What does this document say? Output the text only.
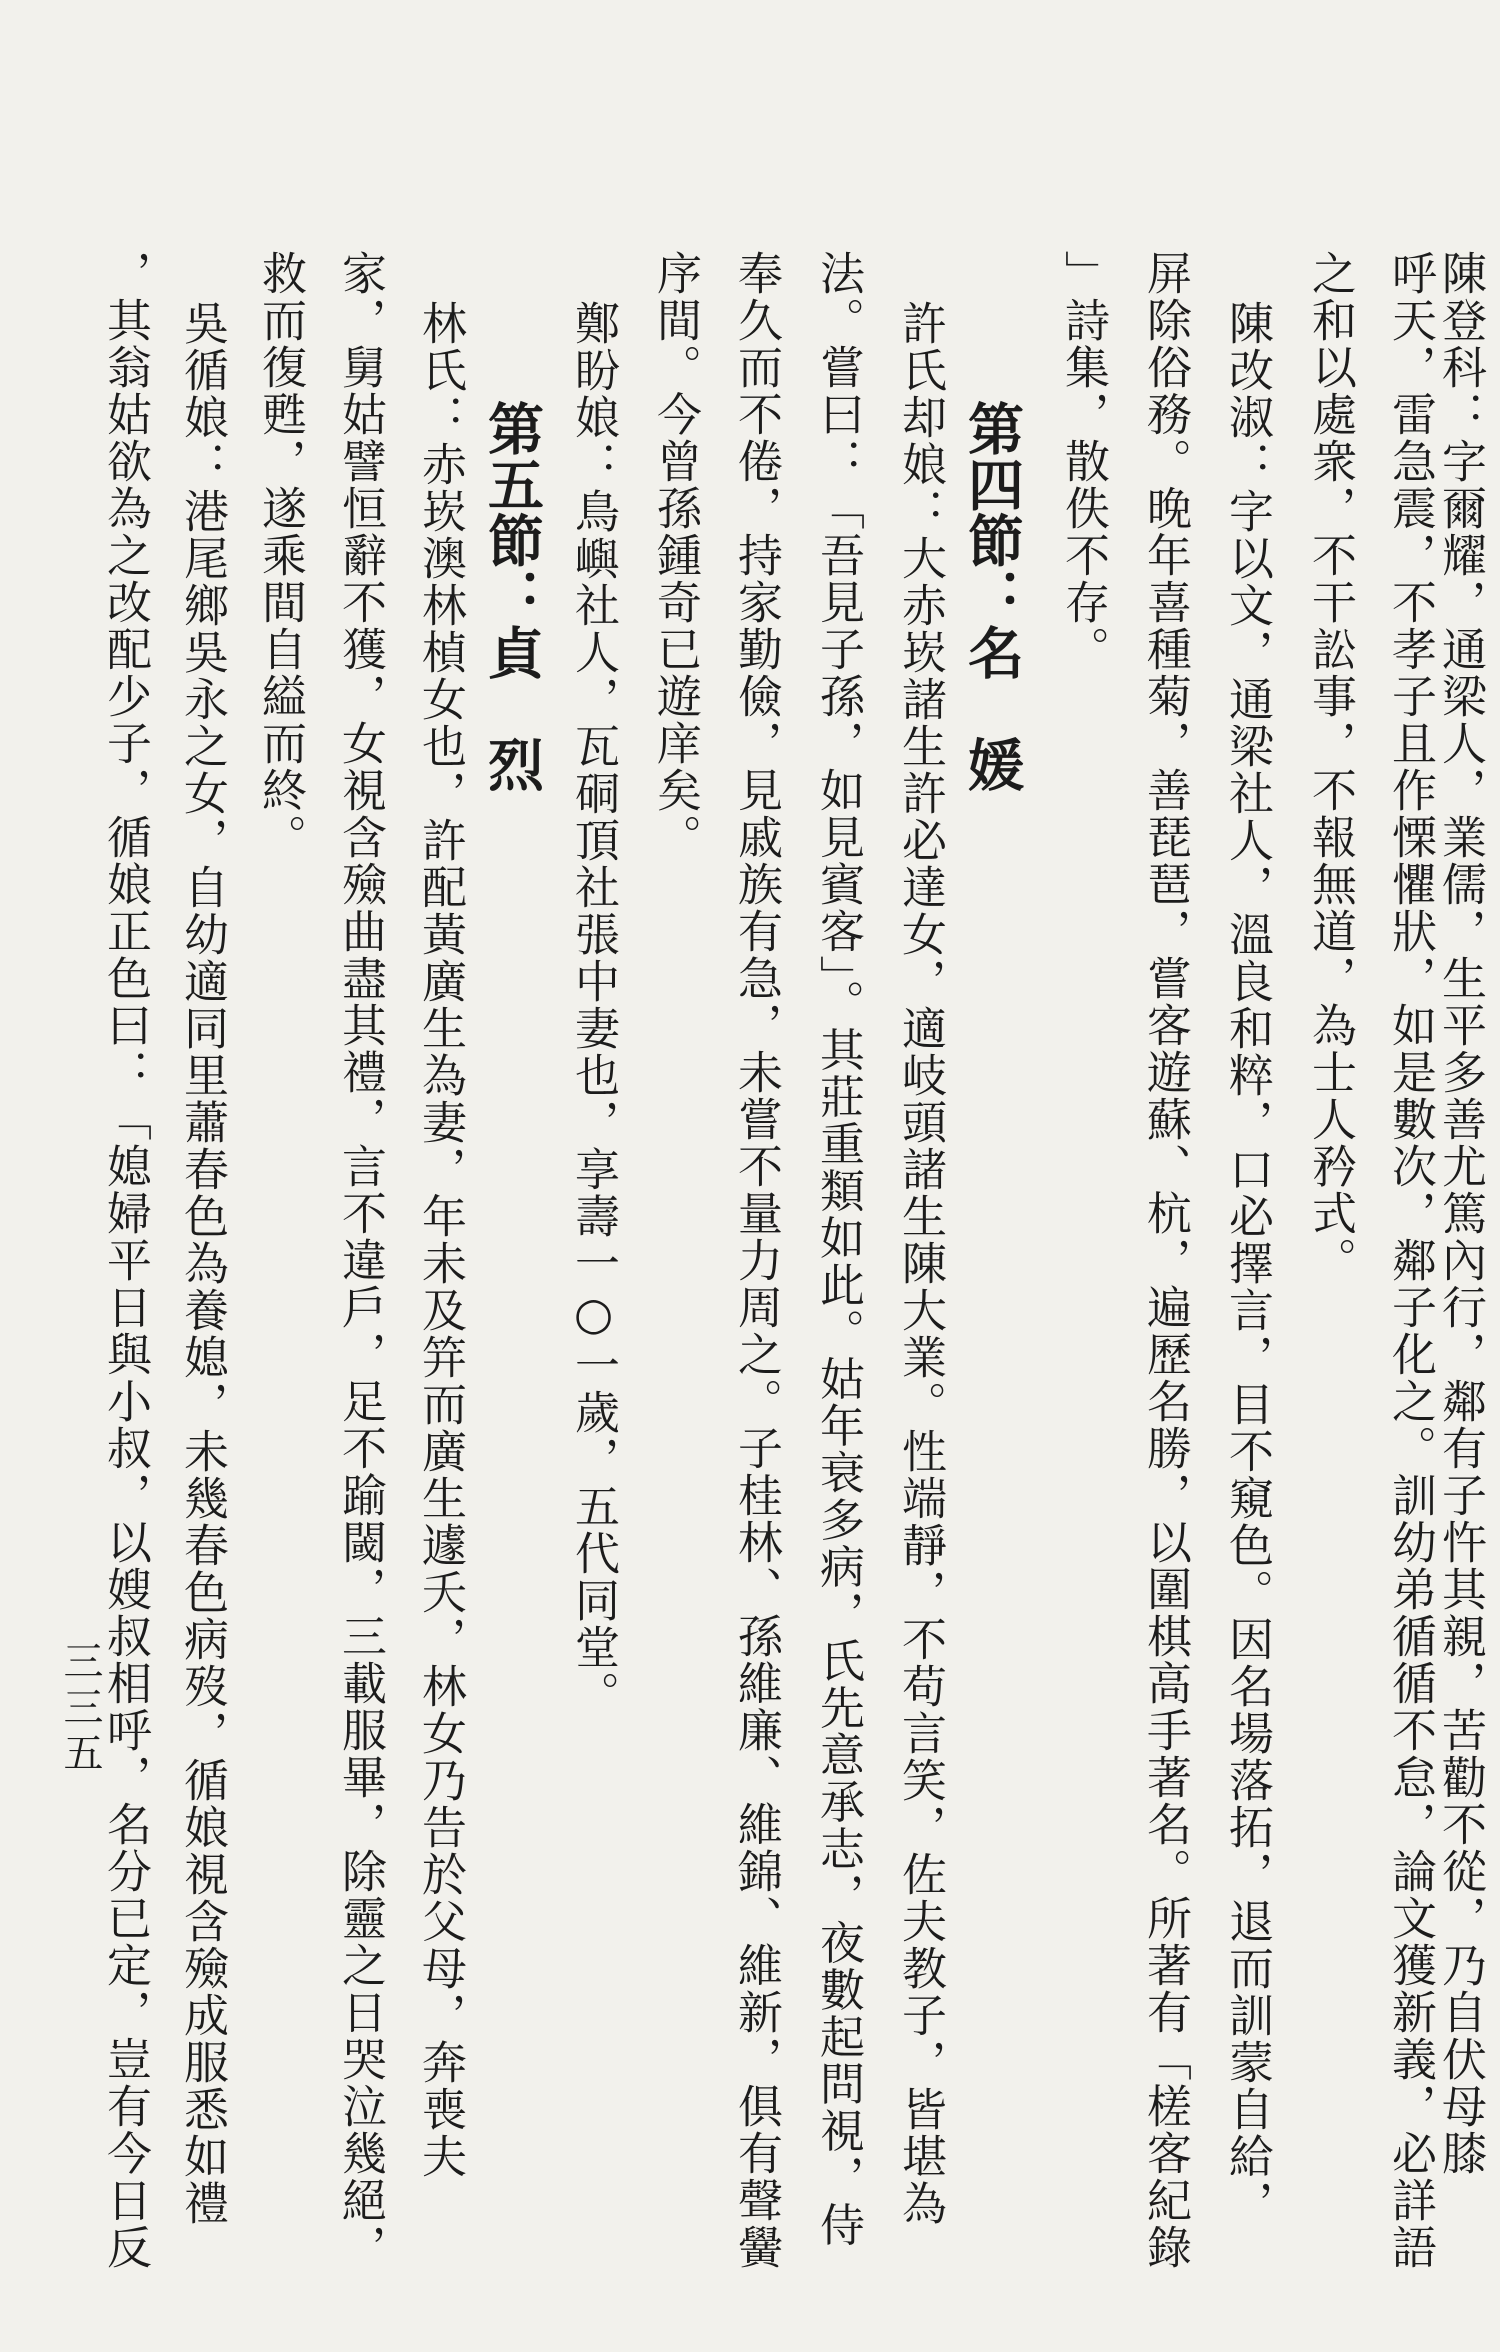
陳登科：字爾耀，通梁人，業儒，生平多善尤篤內行，鄰有子忤其親，苦勸不從，乃自伏母膝
呼天，雷急震，不孝子且作慄懼狀，如是數次，鄰子化之。訓幼弟循循不怠，論文獲新義，必詳語
之和以處衆，不干訟事，不報無道，為士人矜式。
陳改淑：字以文，通梁社人，溫良和粹，口必擇言，目不窺色。因名場落拓，退而訓蒙自給，
屏除俗務。晚年喜種菊，善琵琶，嘗客遊蘇、杭，遍歷名勝，以圍棋高手著名。所著有「槎客紀錄
」詩集，散佚不存。
第四節：名　媛
許氏却娘：大赤崁諸生許必達女，適岐頭諸生陳大業。性端靜，不苟言笑，佐夫教子，皆堪為
法。嘗曰：「吾見子孫，如見賓客」。其莊重類如此。姑年衰多病，氏先意承志，夜數起問視，侍
奉久而不倦，持家勤儉，見戚族有急，未嘗不量力周之。子桂林、孫維廉、維錦、維新，俱有聲黌
序間。今曾孫鍾奇已遊庠矣。
鄭盼娘：鳥嶼社人，瓦硐頂社張中妻也，享壽一○一歲，五代同堂。
第五節：貞　烈
林氏：赤崁澳林楨女也，許配黃廣生為妻，年未及笄而廣生遽夭，林女乃告於父母，奔喪夫
家，舅姑譬恒辭不獲，女視含殮曲盡其禮，言不違戶，足不踰閾，三載服畢，除靈之日哭泣幾絕，
救而復甦，遂乘間自縊而終。
吳循娘：港尾鄉吳永之女，自幼適同里蕭春色為養媳，未幾春色病歿，循娘視含殮成服悉如禮
，其翁姑欲為之改配少子，循娘正色曰：「媳婦平日與小叔，以嫂叔相呼，名分已定，豈有今日反
三三五
